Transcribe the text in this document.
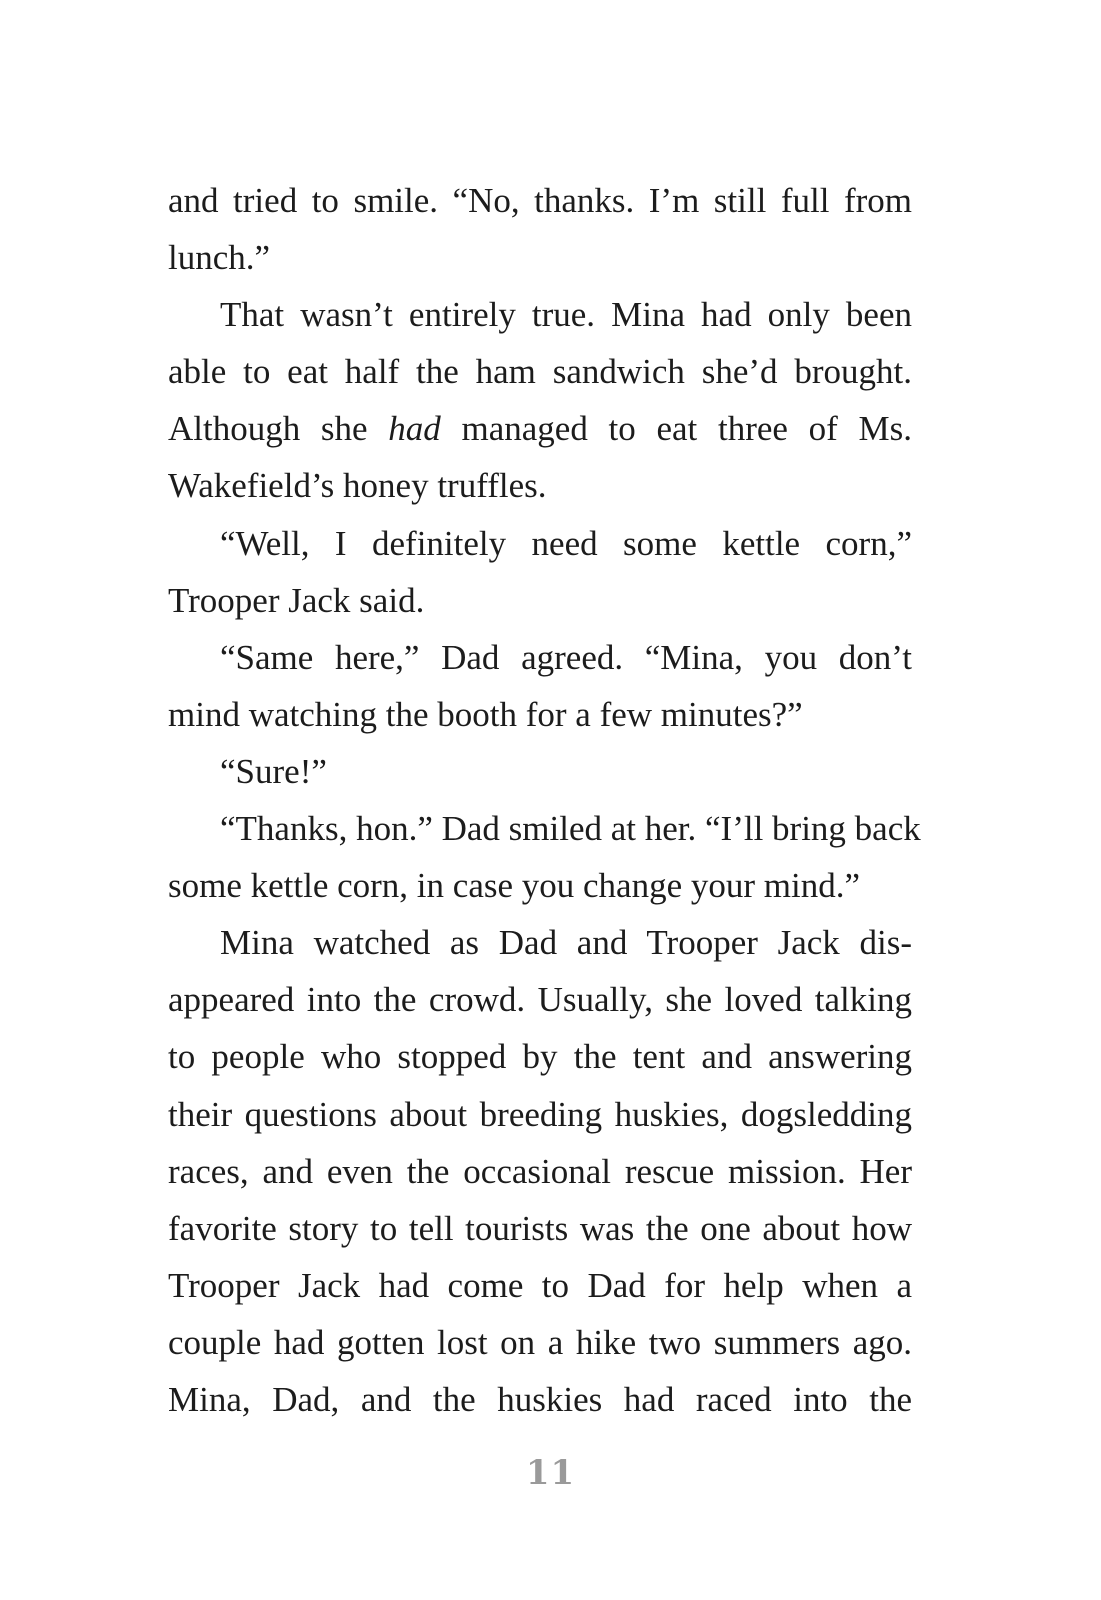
and tried to smile. “No, thanks. I’m still full from
lunch.”
That wasn’t entirely true. Mina had only been
able to eat half the ham sandwich she’d brought.
Although she had managed to eat three of Ms.
Wakefield’s honey truffles.
“Well, I definitely need some kettle corn,”
Trooper Jack said.
“Same here,” Dad agreed. “Mina, you don’t
mind watching the booth for a few minutes?”
“Sure!”
“Thanks, hon.” Dad smiled at her. “I’ll bring back
some kettle corn, in case you change your mind.”
Mina watched as Dad and Trooper Jack dis-
appeared into the crowd. Usually, she loved talking
to people who stopped by the tent and answering
their questions about breeding huskies, dogsledding
races, and even the occasional rescue mission. Her
favorite story to tell tourists was the one about how
Trooper Jack had come to Dad for help when a
couple had gotten lost on a hike two summers ago.
Mina, Dad, and the huskies had raced into the
11
